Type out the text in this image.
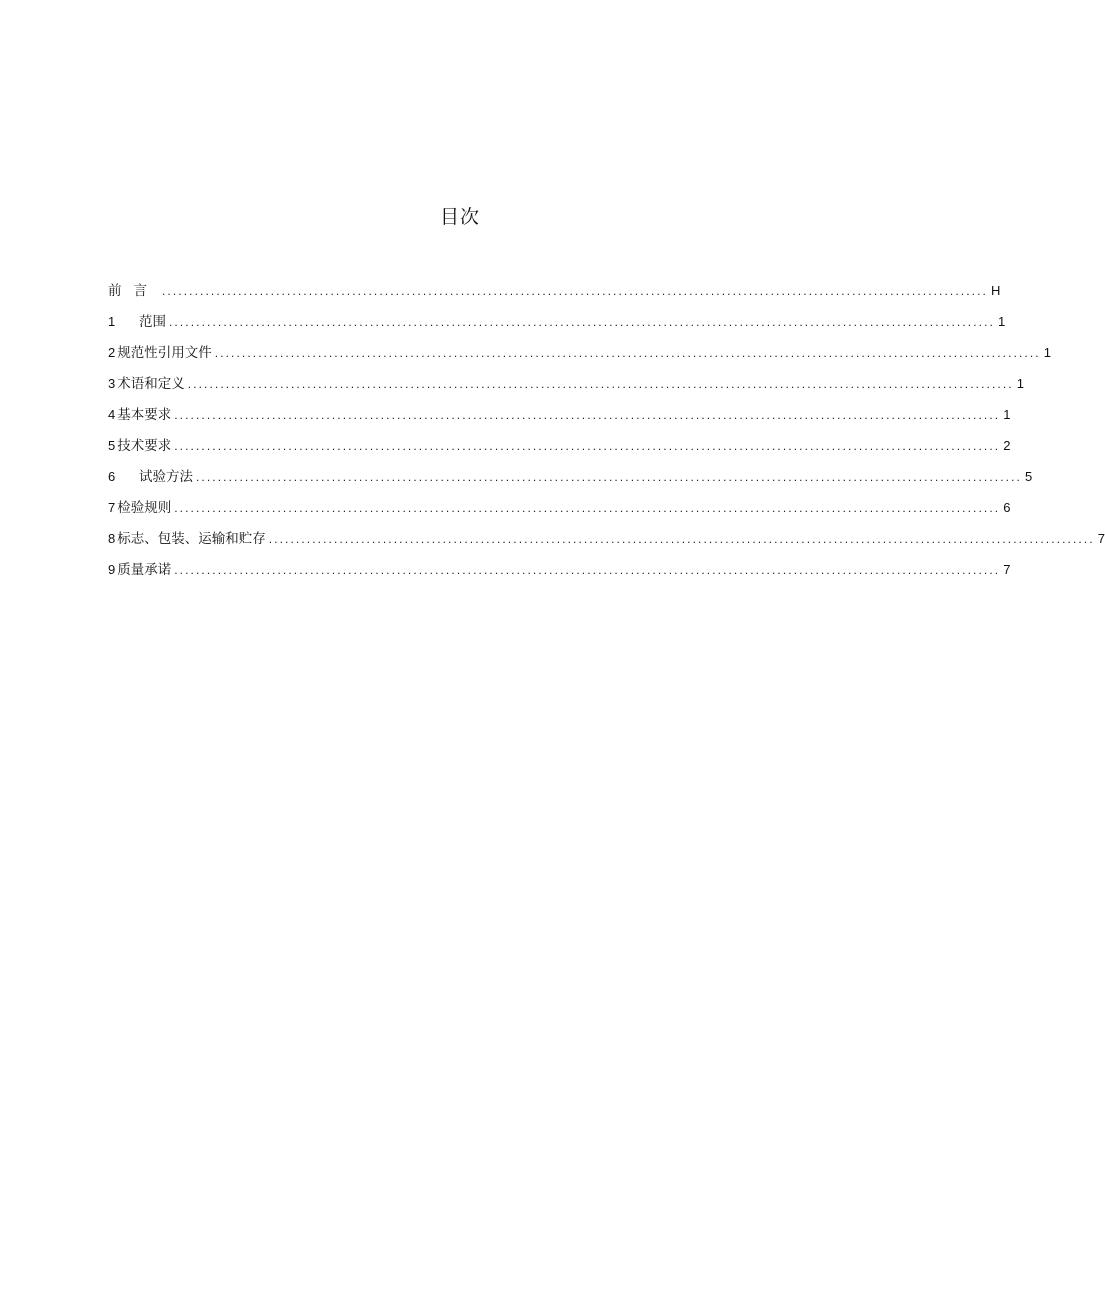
目次
前言 ........................................................................................................................................................ H
1	范围 ........................................................................................................................................................ 1
2 规范性引用文件 ........................................................................................................................................................ 1
3 术语和定义 ........................................................................................................................................................ 1
4 基本要求 ........................................................................................................................................................ 1
5 技术要求 ........................................................................................................................................................ 2
6	试验方法 ........................................................................................................................................................ 5
7 检验规则 ........................................................................................................................................................ 6
8 标志、包装、运输和贮存 ........................................................................................................................................................ 7
9 质量承诺 ........................................................................................................................................................ 7
